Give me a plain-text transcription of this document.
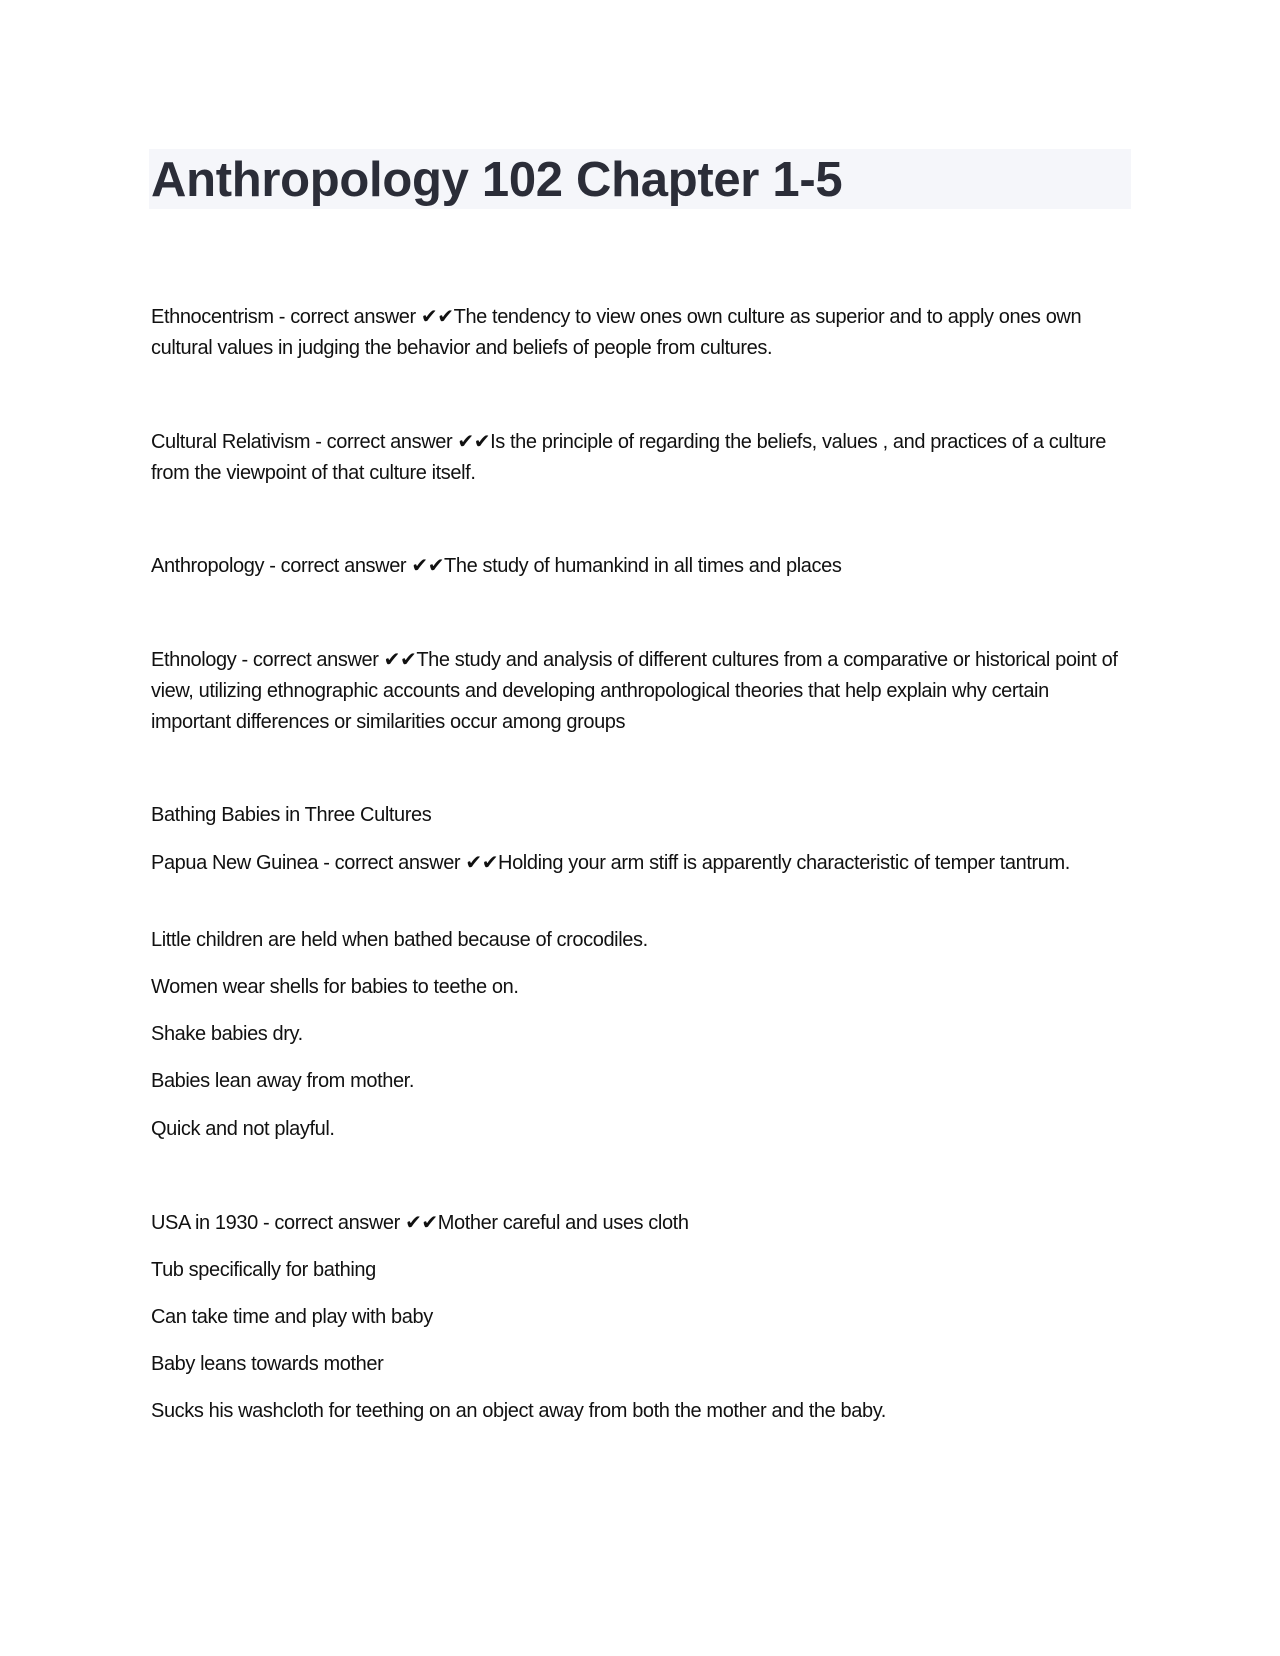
Anthropology 102 Chapter 1-5

Ethnocentrism - correct answer ✔✔The tendency to view ones own culture as superior and to apply ones own cultural values in judging the behavior and beliefs of people from cultures.

Cultural Relativism - correct answer ✔✔Is the principle of regarding the beliefs, values , and practices of a culture from the viewpoint of that culture itself.

Anthropology - correct answer ✔✔The study of humankind in all times and places

Ethnology - correct answer ✔✔The study and analysis of different cultures from a comparative or historical point of view, utilizing ethnographic accounts and developing anthropological theories that help explain why certain important differences or similarities occur among groups

Bathing Babies in Three Cultures

Papua New Guinea - correct answer ✔✔Holding your arm stiff is apparently characteristic of temper tantrum.

Little children are held when bathed because of crocodiles.

Women wear shells for babies to teethe on.

Shake babies dry.

Babies lean away from mother.

Quick and not playful.

USA in 1930 - correct answer ✔✔Mother careful and uses cloth

Tub specifically for bathing

Can take time and play with baby

Baby leans towards mother

Sucks his washcloth for teething on an object away from both the mother and the baby.
